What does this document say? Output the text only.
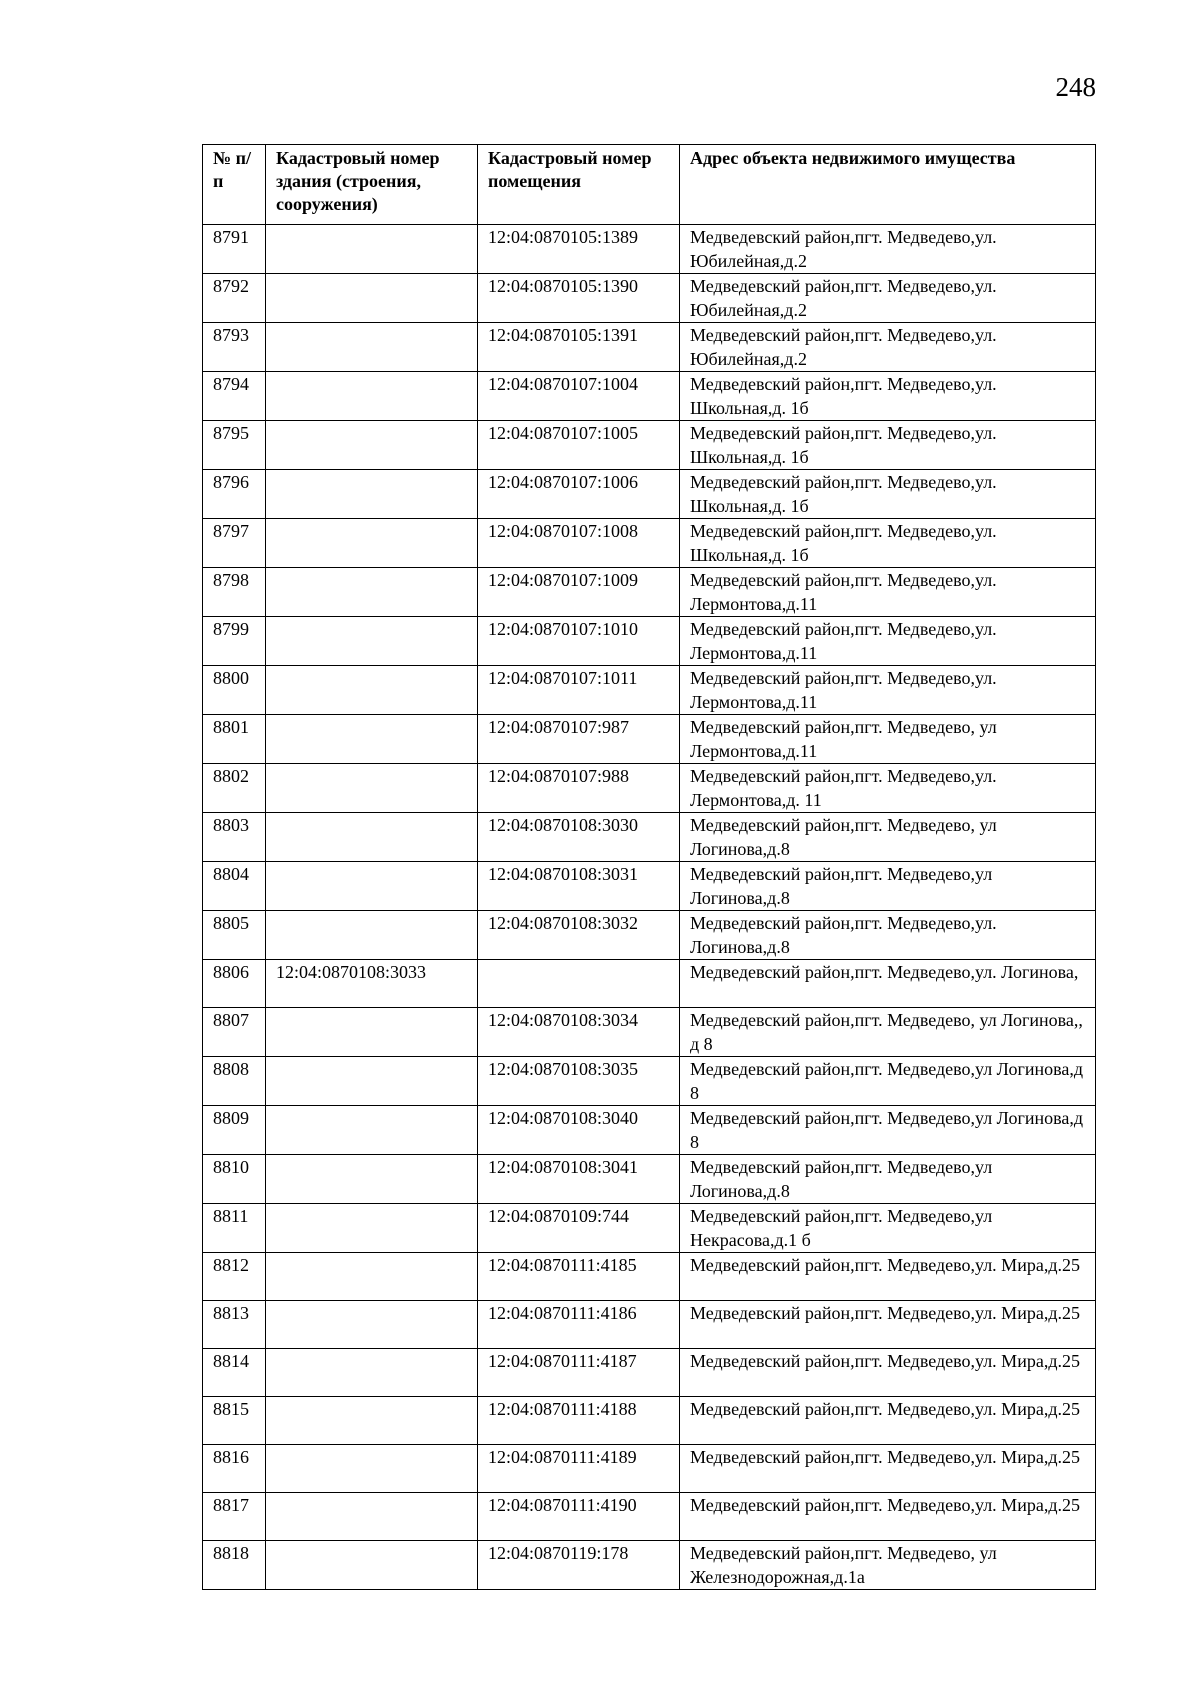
248
№ п/п	Кадастровый номер здания (строения, сооружения)	Кадастровый номер помещения	Адрес объекта недвижимого имущества
8791		12:04:0870105:1389	Медведевский район,пгт. Медведево,ул. Юбилейная,д.2
8792		12:04:0870105:1390	Медведевский район,пгт. Медведево,ул. Юбилейная,д.2
8793		12:04:0870105:1391	Медведевский район,пгт. Медведево,ул. Юбилейная,д.2
8794		12:04:0870107:1004	Медведевский район,пгт. Медведево,ул. Школьная,д. 1б
8795		12:04:0870107:1005	Медведевский район,пгт. Медведево,ул. Школьная,д. 1б
8796		12:04:0870107:1006	Медведевский район,пгт. Медведево,ул. Школьная,д. 1б
8797		12:04:0870107:1008	Медведевский район,пгт. Медведево,ул. Школьная,д. 1б
8798		12:04:0870107:1009	Медведевский район,пгт. Медведево,ул. Лермонтова,д.11
8799		12:04:0870107:1010	Медведевский район,пгт. Медведево,ул. Лермонтова,д.11
8800		12:04:0870107:1011	Медведевский район,пгт. Медведево,ул. Лермонтова,д.11
8801		12:04:0870107:987	Медведевский район,пгт. Медведево, ул Лермонтова,д.11
8802		12:04:0870107:988	Медведевский район,пгт. Медведево,ул. Лермонтова,д. 11
8803		12:04:0870108:3030	Медведевский район,пгт. Медведево, ул Логинова,д.8
8804		12:04:0870108:3031	Медведевский район,пгт. Медведево,ул Логинова,д.8
8805		12:04:0870108:3032	Медведевский район,пгт. Медведево,ул. Логинова,д.8
8806	12:04:0870108:3033		Медведевский район,пгт. Медведево,ул. Логинова,
8807		12:04:0870108:3034	Медведевский район,пгт. Медведево, ул Логинова,, д 8
8808		12:04:0870108:3035	Медведевский район,пгт. Медведево,ул Логинова,д 8
8809		12:04:0870108:3040	Медведевский район,пгт. Медведево,ул Логинова,д 8
8810		12:04:0870108:3041	Медведевский район,пгт. Медведево,ул Логинова,д.8
8811		12:04:0870109:744	Медведевский район,пгт. Медведево,ул Некрасова,д.1 б
8812		12:04:0870111:4185	Медведевский район,пгт. Медведево,ул. Мира,д.25
8813		12:04:0870111:4186	Медведевский район,пгт. Медведево,ул. Мира,д.25
8814		12:04:0870111:4187	Медведевский район,пгт. Медведево,ул. Мира,д.25
8815		12:04:0870111:4188	Медведевский район,пгт. Медведево,ул. Мира,д.25
8816		12:04:0870111:4189	Медведевский район,пгт. Медведево,ул. Мира,д.25
8817		12:04:0870111:4190	Медведевский район,пгт. Медведево,ул. Мира,д.25
8818		12:04:0870119:178	Медведевский район,пгт. Медведево, ул Железнодорожная,д.1а
